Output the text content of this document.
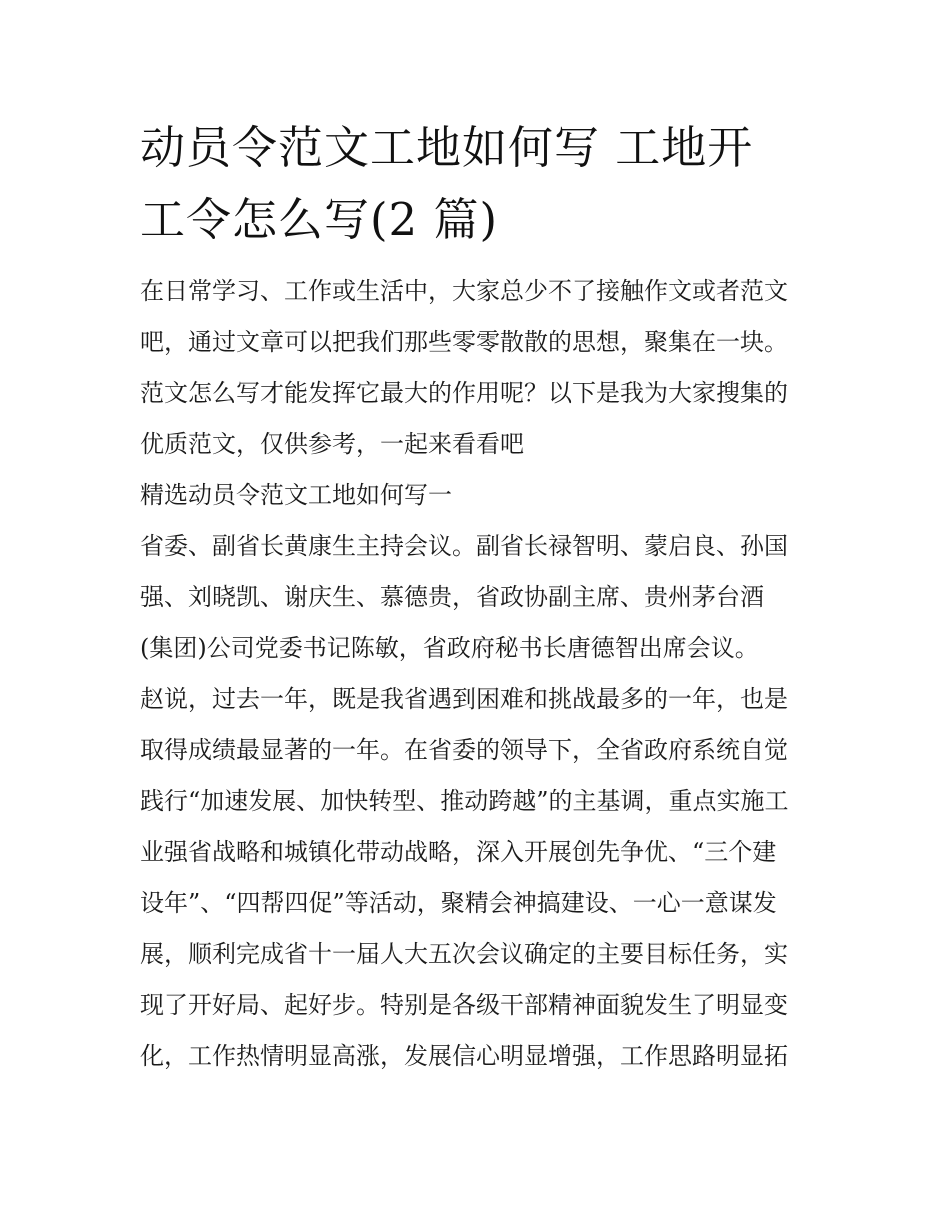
动员令范文工地如何写 工地开
工令怎么写(2 篇)

在日常学习、工作或生活中，大家总少不了接触作文或者范文
吧，通过文章可以把我们那些零零散散的思想，聚集在一块。
范文怎么写才能发挥它最大的作用呢？以下是我为大家搜集的
优质范文，仅供参考，一起来看看吧

精选动员令范文工地如何写一

省委、副省长黄康生主持会议。副省长禄智明、蒙启良、孙国
强、刘晓凯、谢庆生、慕德贵，省政协副主席、贵州茅台酒
(集团)公司党委书记陈敏，省政府秘书长唐德智出席会议。

赵说，过去一年，既是我省遇到困难和挑战最多的一年，也是
取得成绩最显著的一年。在省委的领导下，全省政府系统自觉
践行“加速发展、加快转型、推动跨越”的主基调，重点实施工
业强省战略和城镇化带动战略，深入开展创先争优、“三个建
设年”、“四帮四促”等活动，聚精会神搞建设、一心一意谋发
展，顺利完成省十一届人大五次会议确定的主要目标任务，实
现了开好局、起好步。特别是各级干部精神面貌发生了明显变
化，工作热情明显高涨，发展信心明显增强，工作思路明显拓
